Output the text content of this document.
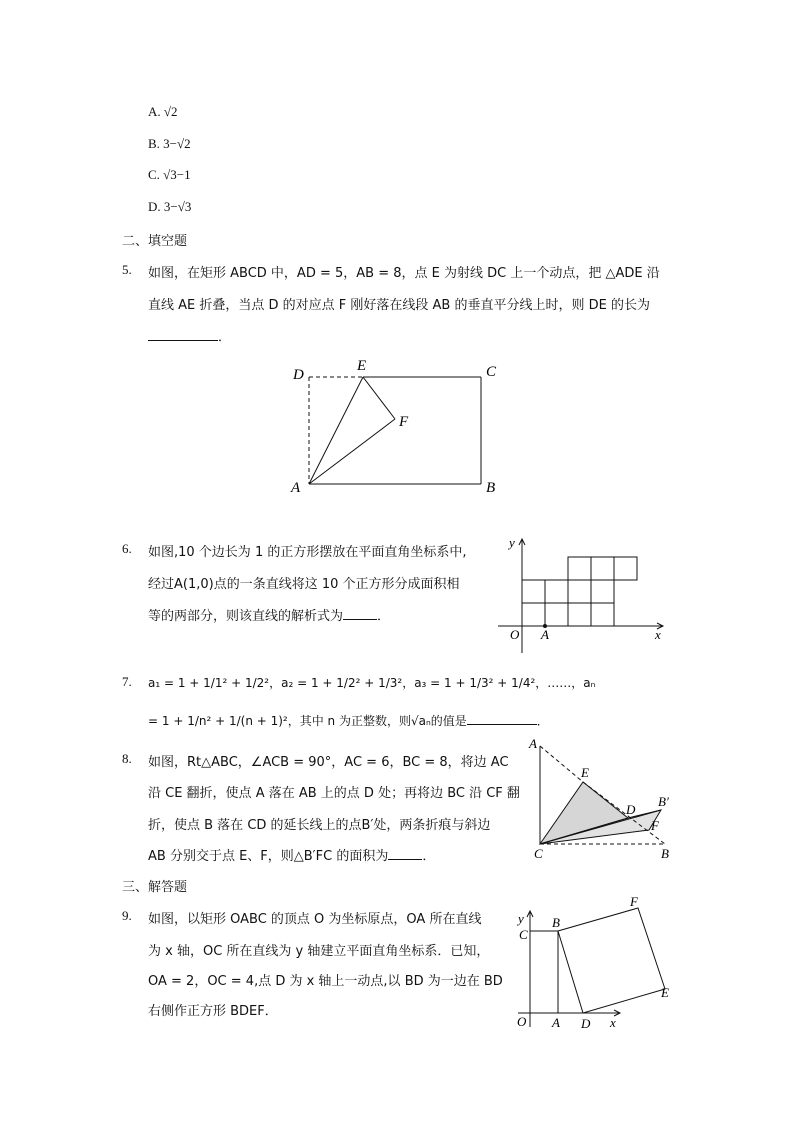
A. √2
B. 3−√2
C. √3−1
D. 3−√3
二、填空题
5. 如图，在矩形 ABCD 中，AD = 5，AB = 8，点 E 为射线 DC 上一个动点，把 △ADE 沿
直线 AE 折叠，当点 D 的对应点 F 刚好落在线段 AB 的垂直平分线上时，则 DE 的长为
．
D
E	C
F
A	B
6. 如图,10 个边长为 1 的正方形摆放在平面直角坐标系中,
经过A(1,0)点的一条直线将这 10 个正方形分成面积相
等的两部分，则该直线的解析式为	．
y
x
O A
7. a₁ = 1 + 1/1² + 1/2²，a₂ = 1 + 1/2² + 1/3²，a₃ = 1 + 1/3² + 1/4²，……，aₙ
= 1 + 1/n² + 1/(n + 1)²，其中 n 为正整数，则√aₙ的值是	．
8. 如图，Rt△ABC，∠ACB = 90°，AC = 6，BC = 8，将边 AC
沿 CE 翻折，使点 A 落在 AB 上的点 D 处；再将边 BC 沿 CF 翻
折，使点 B 落在 CD 的延长线上的点B′处，两条折痕与斜边
AB 分别交于点 E、F，则△B′FC 的面积为	．
A
E
D
B′
F
C	B
三、解答题
9. 如图，以矩形 OABC 的顶点 O 为坐标原点，OA 所在直线
为 x 轴，OC 所在直线为 y 轴建立平面直角坐标系．已知，
OA = 2，OC = 4,点 D 为 x 轴上一动点,以 BD 为一边在 BD
右侧作正方形 BDEF．
y
C
B
F
E
O A D x
